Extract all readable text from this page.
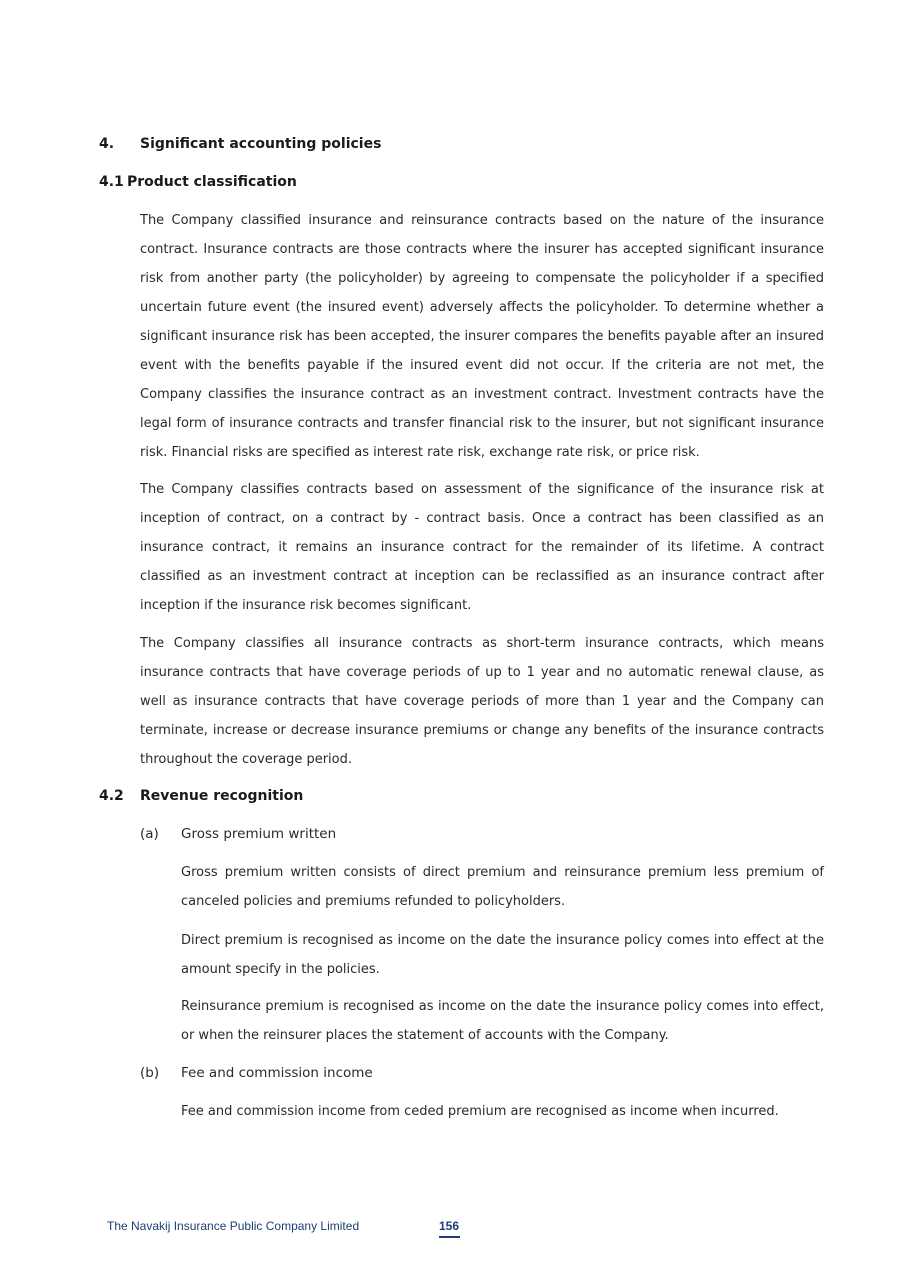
4. Significant accounting policies
4.1 Product classification

The Company classified insurance and reinsurance contracts based on the nature of the insurance contract. Insurance contracts are those contracts where the insurer has accepted significant insurance risk from another party (the policyholder) by agreeing to compensate the policyholder if a specified uncertain future event (the insured event) adversely affects the policyholder. To determine whether a significant insurance risk has been accepted, the insurer compares the benefits payable after an insured event with the benefits payable if the insured event did not occur. If the criteria are not met, the Company classifies the insurance contract as an investment contract. Investment contracts have the legal form of insurance contracts and transfer financial risk to the insurer, but not significant insurance risk. Financial risks are specified as interest rate risk, exchange rate risk, or price risk.

The Company classifies contracts based on assessment of the significance of the insurance risk at inception of contract, on a contract by - contract basis. Once a contract has been classified as an insurance contract, it remains an insurance contract for the remainder of its lifetime. A contract classified as an investment contract at inception can be reclassified as an insurance contract after inception if the insurance risk becomes significant.

The Company classifies all insurance contracts as short-term insurance contracts, which means insurance contracts that have coverage periods of up to 1 year and no automatic renewal clause, as well as insurance contracts that have coverage periods of more than 1 year and the Company can terminate, increase or decrease insurance premiums or change any benefits of the insurance contracts throughout the coverage period.

4.2 Revenue recognition
(a) Gross premium written

Gross premium written consists of direct premium and reinsurance premium less premium of canceled policies and premiums refunded to policyholders.

Direct premium is recognised as income on the date the insurance policy comes into effect at the amount specify in the policies.

Reinsurance premium is recognised as income on the date the insurance policy comes into effect, or when the reinsurer places the statement of accounts with the Company.

(b) Fee and commission income

Fee and commission income from ceded premium are recognised as income when incurred.

The Navakij Insurance Public Company Limited	156
